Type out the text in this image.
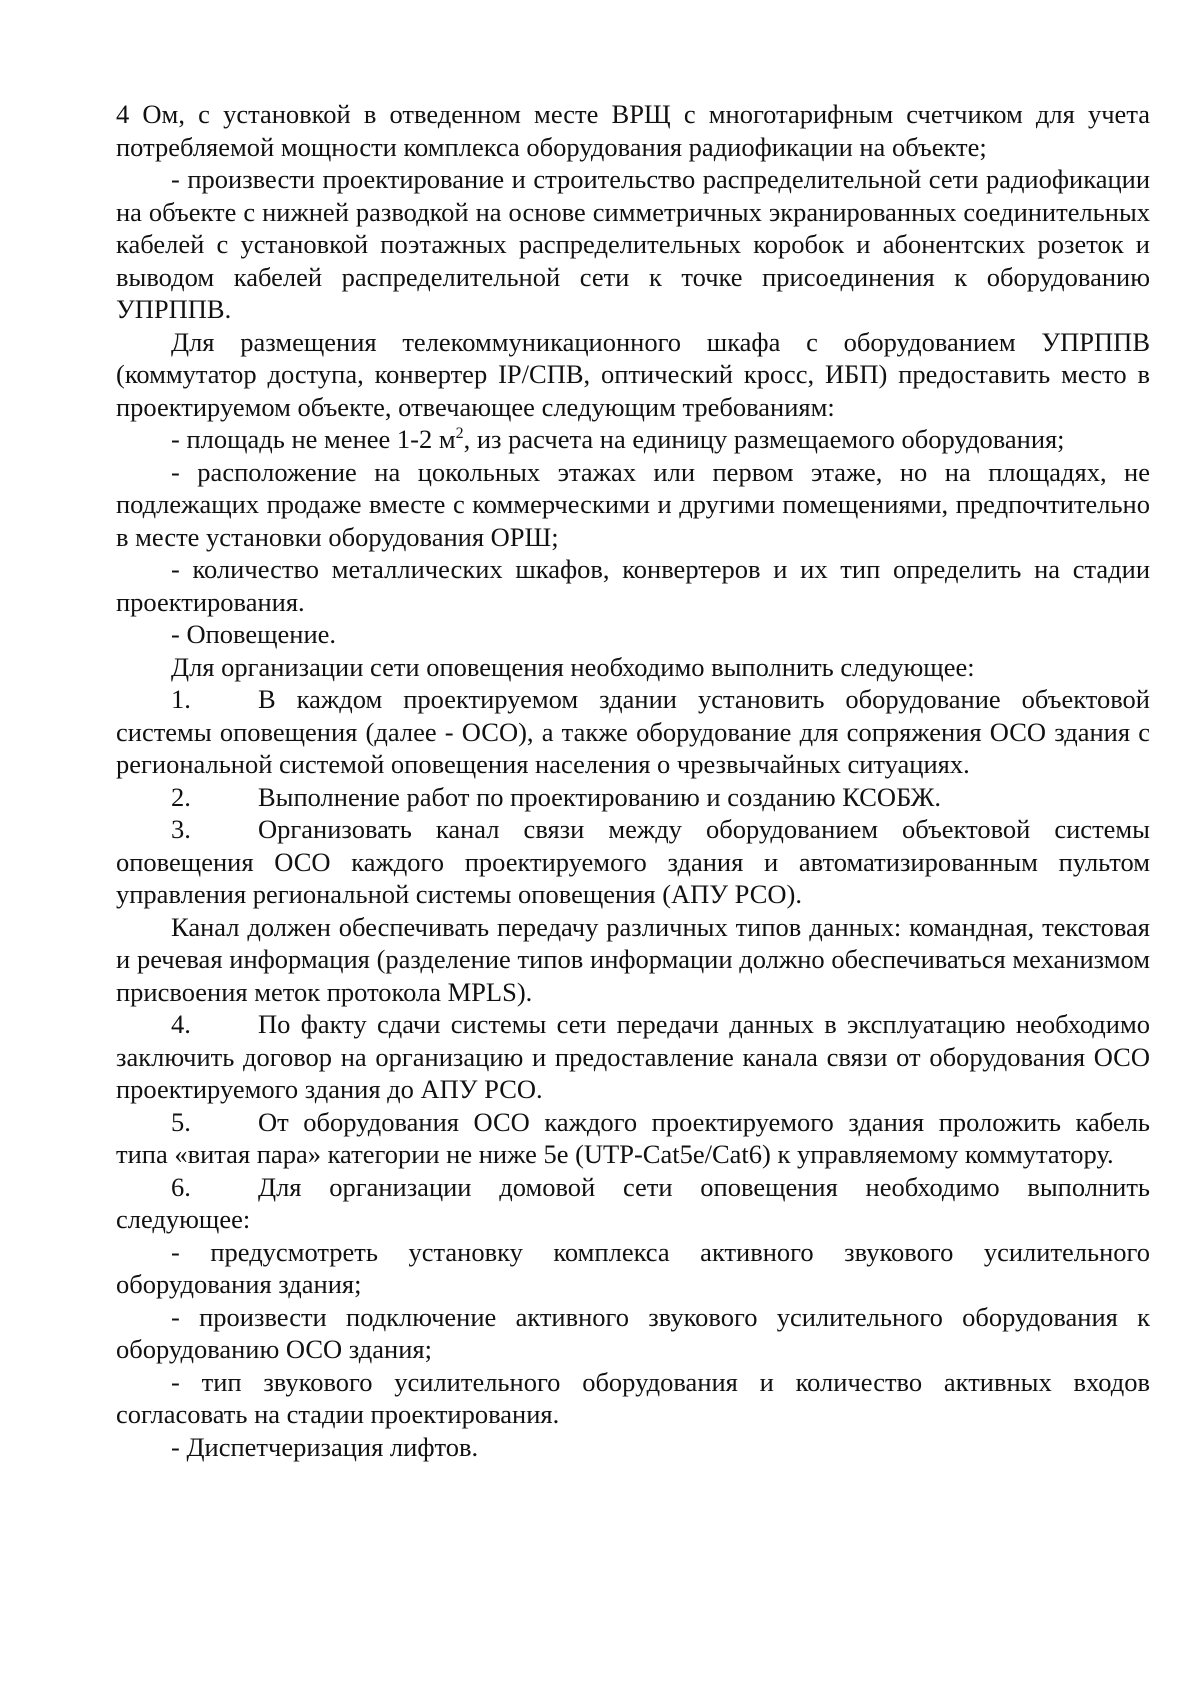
4 Ом, с установкой в отведенном месте ВРЩ с многотарифным счетчиком для учета потребляемой мощности комплекса оборудования радиофикации на объекте;

- произвести проектирование и строительство распределительной сети радиофикации на объекте с нижней разводкой на основе симметричных экранированных соединительных кабелей с установкой поэтажных распределительных коробок и абонентских розеток и выводом кабелей распределительной сети к точке присоединения к оборудованию УПРППВ.

Для размещения телекоммуникационного шкафа с оборудованием УПРППВ (коммутатор доступа, конвертер IP/СПВ, оптический кросс, ИБП) предоставить место в проектируемом объекте, отвечающее следующим требованиям:

- площадь не менее 1-2 $м^2$, из расчета на единицу размещаемого оборудования;

- расположение на цокольных этажах или первом этаже, но на площадях, не подлежащих продаже вместе с коммерческими и другими помещениями, предпочтительно в месте установки оборудования ОРШ;

- количество металлических шкафов, конвертеров и их тип определить на стадии проектирования.

- Оповещение.

Для организации сети оповещения необходимо выполнить следующее:

1.	В каждом проектируемом здании установить оборудование объектовой системы оповещения (далее - ОСО), а также оборудование для сопряжения ОСО здания с региональной системой оповещения населения о чрезвычайных ситуациях.

2.	Выполнение работ по проектированию и созданию КСОБЖ.

3.	Организовать канал связи между оборудованием объектовой системы оповещения ОСО каждого проектируемого здания и автоматизированным пультом управления региональной системы оповещения (АПУ РСО).

Канал должен обеспечивать передачу различных типов данных: командная, текстовая и речевая информация (разделение типов информации должно обеспечиваться механизмом присвоения меток протокола MPLS).

4.	По факту сдачи системы сети передачи данных в эксплуатацию необходимо заключить договор на организацию и предоставление канала связи от оборудования ОСО проектируемого здания до АПУ РСО.

5.	От оборудования ОСО каждого проектируемого здания проложить кабель типа «витая пара» категории не ниже 5е (UTP-Cat5e/Cat6) к управляемому коммутатору.

6.	Для организации домовой сети оповещения необходимо выполнить следующее:

- предусмотреть установку комплекса активного звукового усилительного оборудования здания;

- произвести подключение активного звукового усилительного оборудования к оборудованию ОСО здания;

- тип звукового усилительного оборудования и количество активных входов согласовать на стадии проектирования.

- Диспетчеризация лифтов.
